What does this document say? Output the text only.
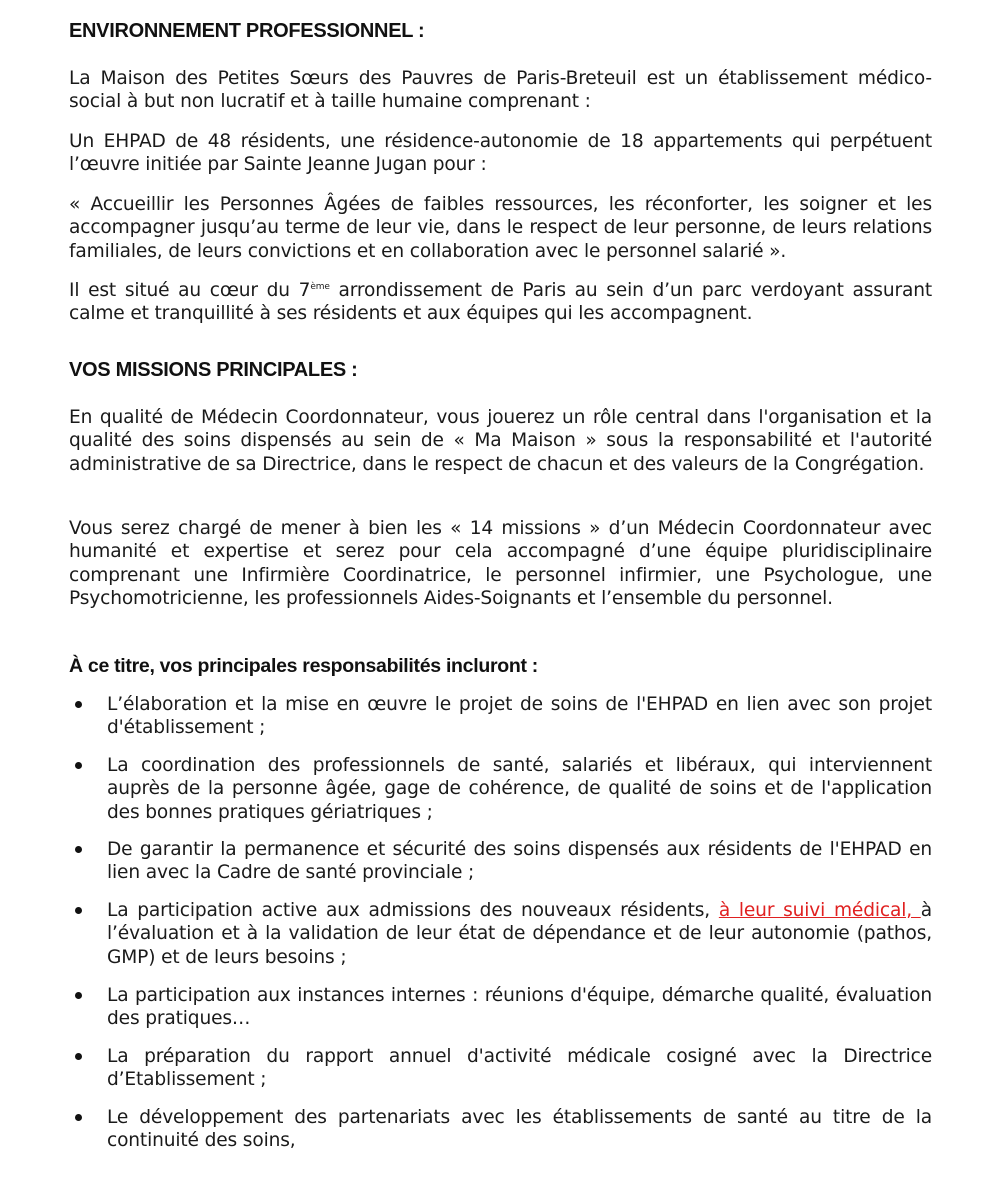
ENVIRONNEMENT PROFESSIONNEL :
La Maison des Petites Sœurs des Pauvres de Paris-Breteuil est un établissement médico-social à but non lucratif et à taille humaine comprenant :
Un EHPAD de 48 résidents, une résidence-autonomie de 18 appartements qui perpétuent l’œuvre initiée par Sainte Jeanne Jugan pour :
« Accueillir les Personnes Âgées de faibles ressources, les réconforter, les soigner et les accompagner jusqu’au terme de leur vie, dans le respect de leur personne, de leurs relations familiales, de leurs convictions et en collaboration avec le personnel salarié ».
Il est situé au cœur du 7ème arrondissement de Paris au sein d’un parc verdoyant assurant calme et tranquillité à ses résidents et aux équipes qui les accompagnent.
VOS MISSIONS PRINCIPALES :
En qualité de Médecin Coordonnateur, vous jouerez un rôle central dans l'organisation et la qualité des soins dispensés au sein de « Ma Maison » sous la responsabilité et l'autorité administrative de sa Directrice, dans le respect de chacun et des valeurs de la Congrégation.
Vous serez chargé de mener à bien les « 14 missions » d’un Médecin Coordonnateur avec humanité et expertise et serez pour cela accompagné d’une équipe pluridisciplinaire comprenant une Infirmière Coordinatrice, le personnel infirmier, une Psychologue, une Psychomotricienne, les professionnels Aides-Soignants et l’ensemble du personnel.
À ce titre, vos principales responsabilités incluront :
L’élaboration et la mise en œuvre le projet de soins de l'EHPAD en lien avec son projet d'établissement ;
La coordination des professionnels de santé, salariés et libéraux, qui interviennent auprès de la personne âgée, gage de cohérence, de qualité de soins et de l'application des bonnes pratiques gériatriques ;
De garantir la permanence et sécurité des soins dispensés aux résidents de l'EHPAD en lien avec la Cadre de santé provinciale ;
La participation active aux admissions des nouveaux résidents, à leur suivi médical, à l’évaluation et à la validation de leur état de dépendance et de leur autonomie (pathos, GMP) et de leurs besoins ;
La participation aux instances internes : réunions d'équipe, démarche qualité, évaluation des pratiques…
La préparation du rapport annuel d'activité médicale cosigné avec la Directrice d’Etablissement ;
Le développement des partenariats avec les établissements de santé au titre de la continuité des soins,
